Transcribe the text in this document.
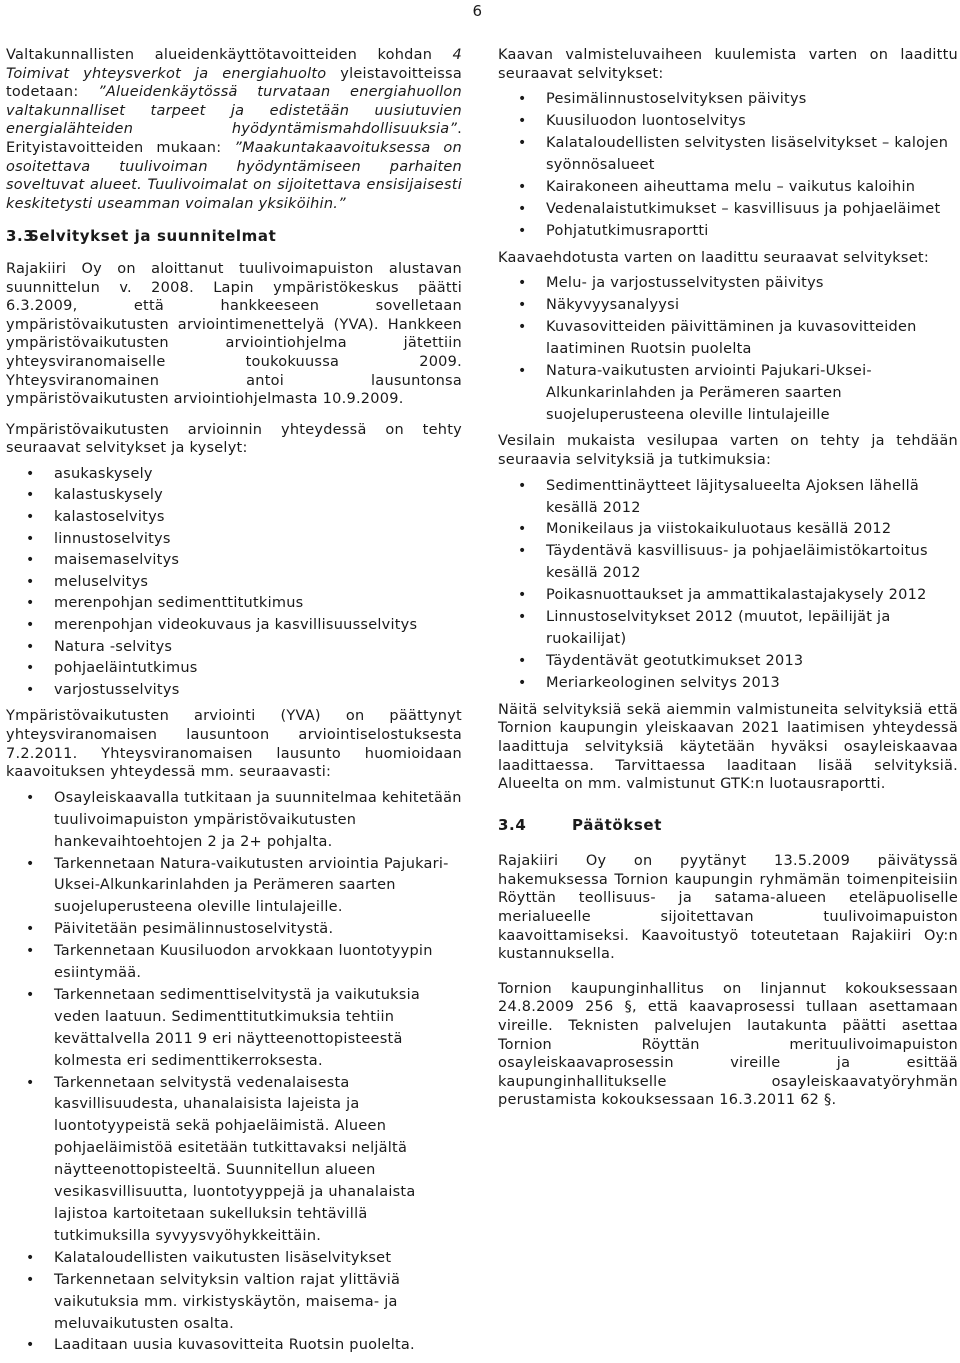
6

Valtakunnallisten alueidenkäyttötavoitteiden kohdan 4 Toimivat yhteysverkot ja energiahuolto yleistavoitteissa todetaan: ”Alueidenkäytössä turvataan energiahuollon valtakunnalliset tarpeet ja edistetään uusiutuvien energialähteiden hyödyntämismahdollisuuksia”. Erityistavoitteiden mukaan: ”Maakuntakaavoituksessa on osoitettava tuulivoiman hyödyntämiseen parhaiten soveltuvat alueet. Tuulivoimalat on sijoitettava ensisijaisesti keskitetysti useamman voimalan yksiköihin.”

3.3Selvitykset ja suunnitelmat

Rajakiiri Oy on aloittanut tuulivoimapuiston alustavan suunnittelun v. 2008. Lapin ympäristökeskus päätti 6.3.2009, että hankkeeseen sovelletaan ympäristövaikutusten arviointimenettelyä (YVA). Hankkeen ympäristövaikutusten arviointiohjelma jätettiin yhteysviranomaiselle toukokuussa 2009. Yhteysviranomainen antoi lausuntonsa ympäristövaikutusten arviointiohjelmasta 10.9.2009.

Ympäristövaikutusten arvioinnin yhteydessä on tehty seuraavat selvitykset ja kyselyt:

• asukaskysely
• kalastuskysely
• kalastoselvitys
• linnustoselvitys
• maisemaselvitys
• meluselvitys
• merenpohjan sedimenttitutkimus
• merenpohjan videokuvaus ja kasvillisuusselvitys
• Natura -selvitys
• pohjaeläintutkimus
• varjostusselvitys

Ympäristövaikutusten arviointi (YVA) on päättynyt yhteysviranomaisen lausuntoon arviointiselostuksesta 7.2.2011. Yhteysviranomaisen lausunto huomioidaan kaavoituksen yhteydessä mm. seuraavasti:

• Osayleiskaavalla tutkitaan ja suunnitelmaa kehitetään tuulivoimapuiston ympäristövaikutusten hankevaihtoehtojen 2 ja 2+ pohjalta.
• Tarkennetaan Natura-vaikutusten arviointia Pajukari-Uksei-Alkunkarinlahden ja Perämeren saarten suojeluperusteena oleville lintulajeille.
• Päivitetään pesimälinnustoselvitystä.
• Tarkennetaan Kuusiluodon arvokkaan luontotyypin esiintymää.
• Tarkennetaan sedimenttiselvitystä ja vaikutuksia veden laatuun. Sedimenttitutkimuksia tehtiin kevättalvella 2011 9 eri näytteenottopisteestä kolmesta eri sedimenttikerroksesta.
• Tarkennetaan selvitystä vedenalaisesta kasvillisuudesta, uhanalaisista lajeista ja luontotyypeistä sekä pohjaeläimistä. Alueen pohjaeläimistöä esitetään tutkittavaksi neljältä näytteenottopisteeltä. Suunnitellun alueen vesikasvillisuutta, luontotyyppejä ja uhanalaista lajistoa kartoitetaan sukelluksin tehtävillä tutkimuksilla syvyysvyöhykkeittäin.
• Kalataloudellisten vaikutusten lisäselvitykset
• Tarkennetaan selvityksin valtion rajat ylittäviä vaikutuksia mm. virkistyskäytön, maisema- ja meluvaikutusten osalta.
• Laaditaan uusia kuvasovitteita Ruotsin puolelta.

Kaavan valmisteluvaiheen kuulemista varten on laadittu seuraavat selvitykset:

• Pesimälinnustoselvityksen päivitys
• Kuusiluodon luontoselvitys
• Kalataloudellisten selvitysten lisäselvitykset – kalojen syönnösalueet
• Kairakoneen aiheuttama melu – vaikutus kaloihin
• Vedenalaistutkimukset – kasvillisuus ja pohjaeläimet
• Pohjatutkimusraportti

Kaavaehdotusta varten on laadittu seuraavat selvitykset:

• Melu- ja varjostusselvitysten päivitys
• Näkyvyysanalyysi
• Kuvasovitteiden päivittäminen ja kuvasovitteiden laatiminen Ruotsin puolelta
• Natura-vaikutusten arviointi Pajukari-Uksei-Alkunkarinlahden ja Perämeren saarten suojeluperusteena oleville lintulajeille

Vesilain mukaista vesilupaa varten on tehty ja tehdään seuraavia selvityksiä ja tutkimuksia:

• Sedimenttinäytteet läjitysalueelta Ajoksen lähellä kesällä 2012
• Monikeilaus ja viistokaikuluotaus kesällä 2012
• Täydentävä kasvillisuus- ja pohjaeläimistökartoitus kesällä 2012
• Poikasnuottaukset ja ammattikalastajakysely 2012
• Linnustoselvitykset 2012 (muutot, lepäilijät ja ruokailijat)
• Täydentävät geotutkimukset 2013
• Meriarkeologinen selvitys 2013

Näitä selvityksiä sekä aiemmin valmistuneita selvityksiä että Tornion kaupungin yleiskaavan 2021 laatimisen yhteydessä laadittuja selvityksiä käytetään hyväksi osayleiskaavaa laadittaessa. Tarvittaessa laaditaan lisää selvityksiä. Alueelta on mm. valmistunut GTK:n luotausraportti.

3.4	Päätökset

Rajakiiri Oy on pyytänyt 13.5.2009 päivätyssä hakemuksessa Tornion kaupungin ryhmämän toimenpiteisiin Röyttän teollisuus- ja satama-alueen eteläpuoliselle merialueelle sijoitettavan tuulivoimapuiston kaavoittamiseksi. Kaavoitustyö toteutetaan Rajakiiri Oy:n kustannuksella.

Tornion kaupunginhallitus on linjannut kokouksessaan 24.8.2009 256 §, että kaavaprosessi tullaan asettamaan vireille. Teknisten palvelujen lautakunta päätti asettaa Tornion Röyttän merituulivoimapuiston osayleiskaavaprosessin vireille ja esittää kaupunginhallitukselle osayleiskaavatyöryhmän perustamista kokouksessaan 16.3.2011 62 §.
